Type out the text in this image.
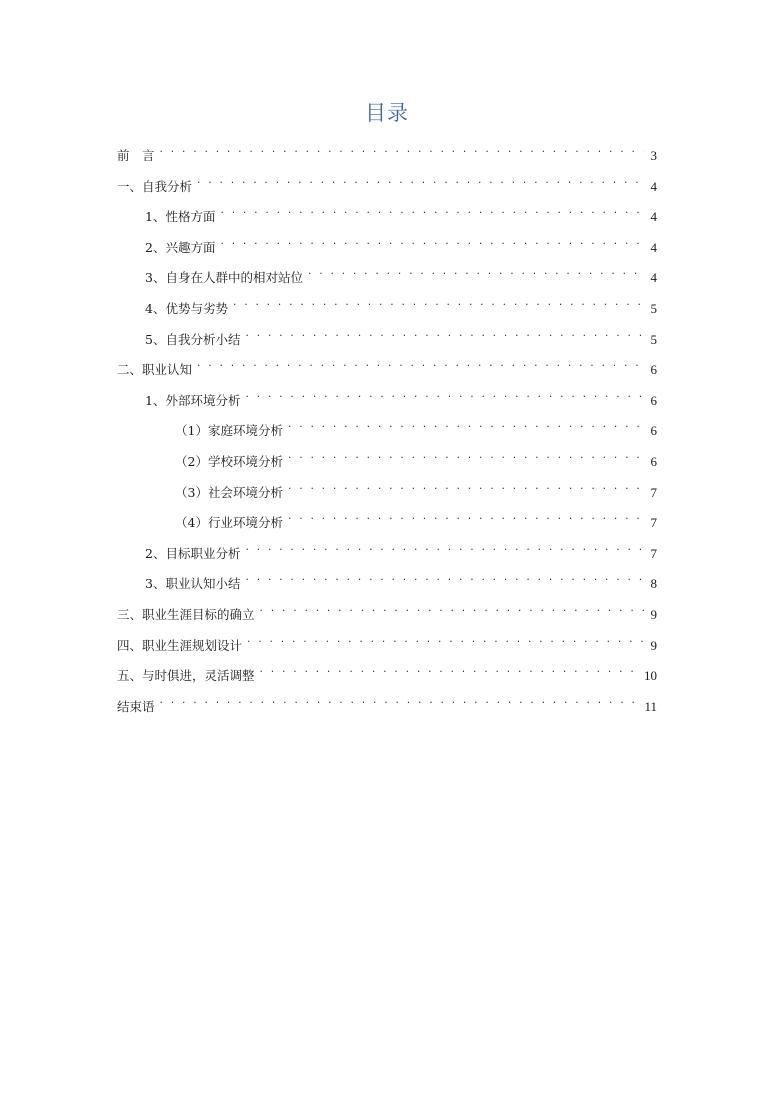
目录
前　言 . . .	3
一、自我分析 . . .	4
1、性格方面 . . .	4
2、兴趣方面 . . .	4
3、自身在人群中的相对站位 . . .	4
4、优势与劣势 . . .	5
5、自我分析小结 . . .	5
二、职业认知 . . .	6
1、外部环境分析 . . .	6
（1）家庭环境分析 . . .	6
（2）学校环境分析 . . .	6
（3）社会环境分析 . . .	7
（4）行业环境分析 . . .	7
2、目标职业分析 . . .	7
3、职业认知小结 . . .	8
三、职业生涯目标的确立 . . .	9
四、职业生涯规划设计 . . .	9
五、与时俱进，灵活调整 . . .	10
结束语 . . .	11
